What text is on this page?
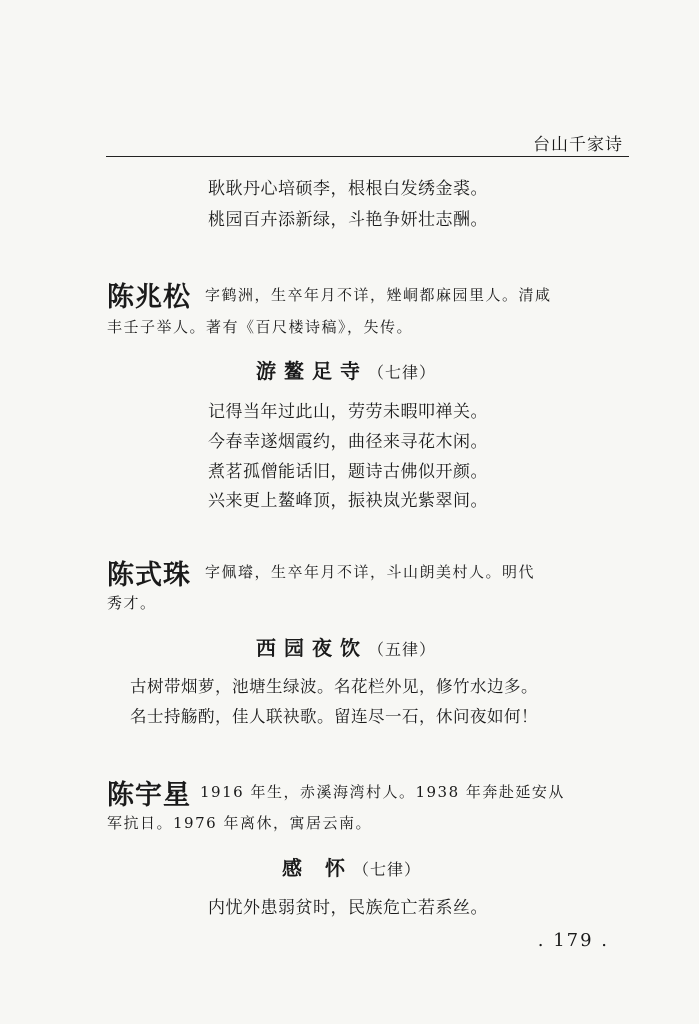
台山千家诗
耿耿丹心培硕李，根根白发绣金裘。
桃园百卉添新绿，斗艳争妍壮志酬。
陈兆松 字鹤洲，生卒年月不详，矬峒都麻园里人。清咸
丰壬子举人。著有《百尺楼诗稿》，失传。
游鳌足寺（七律）
记得当年过此山，劳劳未暇叩禅关。
今春幸遂烟霞约，曲径来寻花木闲。
煮茗孤僧能话旧，题诗古佛似开颜。
兴来更上鳌峰顶，振袂岚光紫翠间。
陈式珠 字佩璿，生卒年月不详，斗山朗美村人。明代
秀才。
西园夜饮（五律）
古树带烟萝，池塘生绿波。名花栏外见，修竹水边多。
名士持觞酌，佳人联袂歌。留连尽一石，休问夜如何！
陈宇星 1916 年生，赤溪海湾村人。1938 年奔赴延安从
军抗日。1976 年离休，寓居云南。
感 怀（七律）
内忧外患弱贫时，民族危亡若系丝。
. 179 .
